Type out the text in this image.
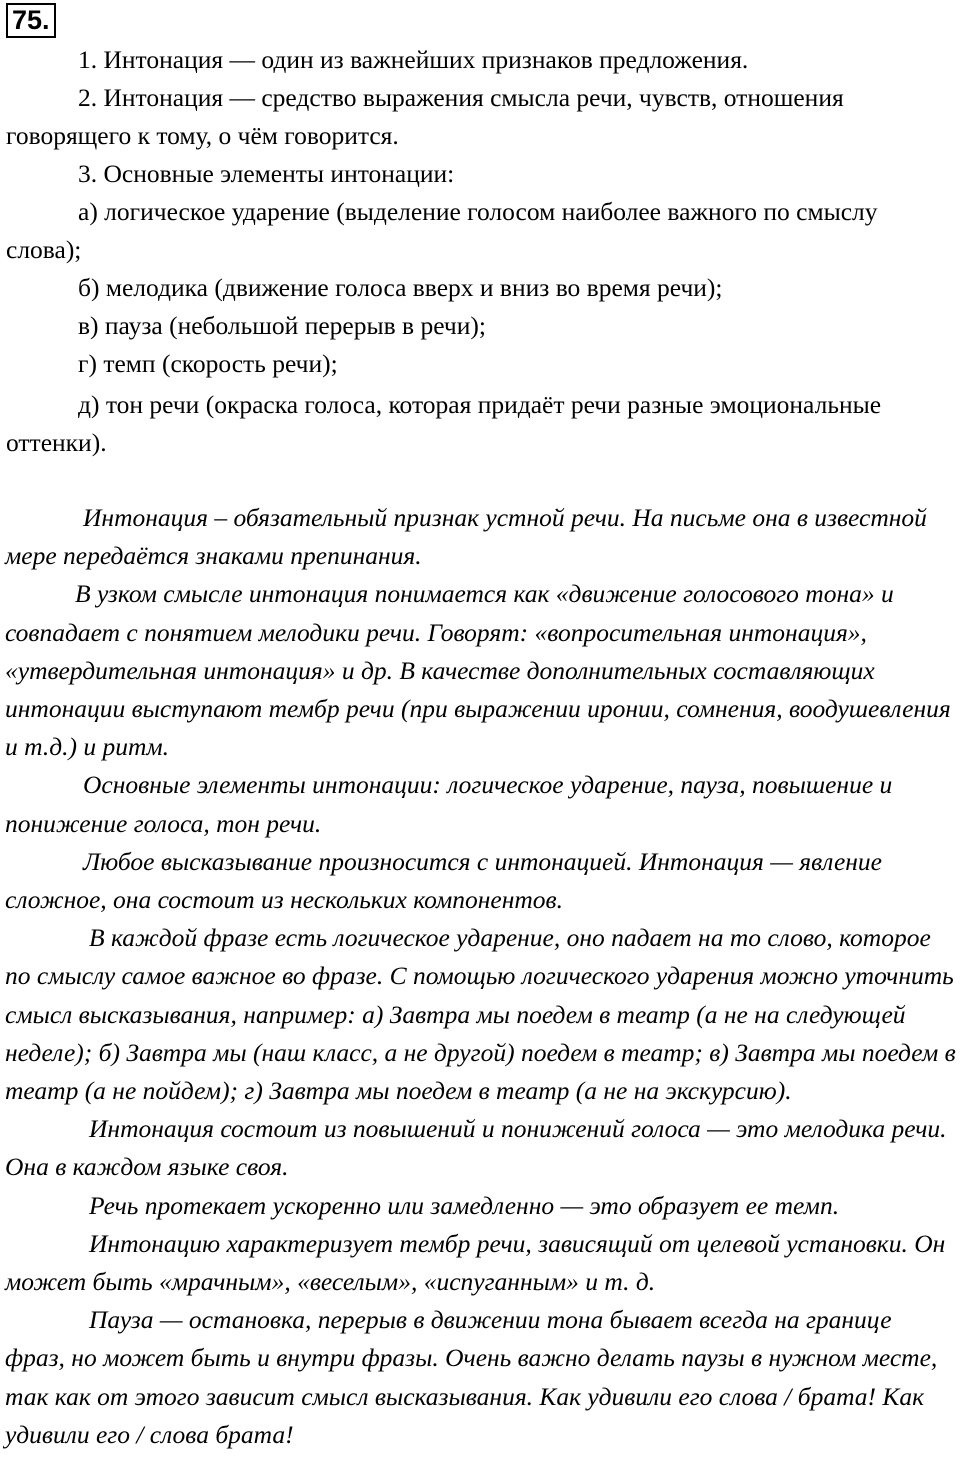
75.

1. Интонация — один из важнейших признаков предложения.

2. Интонация — средство выражения смысла речи, чувств, отношения говорящего к тому, о чём говорится.

3. Основные элементы интонации:

а) логическое ударение (выделение голосом наиболее важного по смыслу слова);

б) мелодика (движение голоса вверх и вниз во время речи);

в) пауза (небольшой перерыв в речи);

г) темп (скорость речи);

д) тон речи (окраска голоса, которая придаёт речи разные эмоциональные оттенки).

Интонация – обязательный признак устной речи. На письме она в известной мере передаётся знаками препинания.

В узком смысле интонация понимается как «движение голосового тона» и совпадает с понятием мелодики речи. Говорят: «вопросительная интонация», «утвердительная интонация» и др. В качестве дополнительных составляющих интонации выступают тембр речи (при выражении иронии, сомнения, воодушевления и т.д.) и ритм.

Основные элементы интонации: логическое ударение, пауза, повышение и понижение голоса, тон речи.

Любое высказывание произносится с интонацией. Интонация — явление сложное, она состоит из нескольких компонентов.

В каждой фразе есть логическое ударение, оно падает на то слово, которое по смыслу самое важное во фразе. С помощью логического ударения можно уточнить смысл высказывания, например: а) Завтра мы поедем в театр (а не на следующей неделе); б) Завтра мы (наш класс, а не другой) поедем в театр; в) Завтра мы поедем в театр (а не пойдем); г) Завтра мы поедем в театр (а не на экскурсию).

Интонация состоит из повышений и понижений голоса — это мелодика речи. Она в каждом языке своя.

Речь протекает ускоренно или замедленно — это образует ее темп.

Интонацию характеризует тембр речи, зависящий от целевой установки. Он может быть «мрачным», «веселым», «испуганным» и т. д.

Пауза — остановка, перерыв в движении тона бывает всегда на границе фраз, но может быть и внутри фразы. Очень важно делать паузы в нужном месте, так как от этого зависит смысл высказывания. Как удивили его слова / брата! Как удивили его / слова брата!
